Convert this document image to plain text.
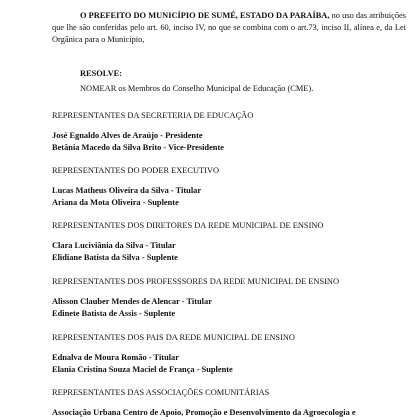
O PREFEITO DO MUNICÍPIO DE SUMÉ, ESTADO DA PARAÍBA, no uso das atribuições que lhe são conferidas pelo art. 60, inciso IV, no que se combina com o art.73, inciso II, alínea e, da Lei Orgânica para o Município,

RESOLVE:

NOMEAR os Membros do Conselho Municipal de Educação (CME).

REPRESENTANTES DA SECRETERIA DE EDUCAÇÃO

José Egnaldo Alves de Araújo - Presidente

Betânia Macedo da Silva Brito - Vice-Presidente

REPRESENTANTES DO PODER EXECUTIVO

Lucas Matheus Oliveira da Silva - Titular

Ariana da Mota Oliveira - Suplente

REPRESENTANTES DOS DIRETORES DA REDE MUNICIPAL DE ENSINO

Clara Luciviânia da Silva - Titular

Elidiane Batista da Silva - Suplente

REPRESENTANTES DOS PROFESSSORES DA REDE MUNICIPAL DE ENSINO

Alisson Clauber Mendes de Alencar - Titular

Edinete Batista de Assis - Suplente

REPRESENTANTES DOS PAIS DA REDE MUNICIPAL DE ENSINO

Ednalva de Moura Romão - Titular

Elania Cristina Souza Maciel de França - Suplente

REPRESENTANTES DAS ASSOCIAÇÕES COMUNITÁRIAS

Associação Urbana Centro de Apoio, Promoção e Desenvolvimento da Agroecologia e
